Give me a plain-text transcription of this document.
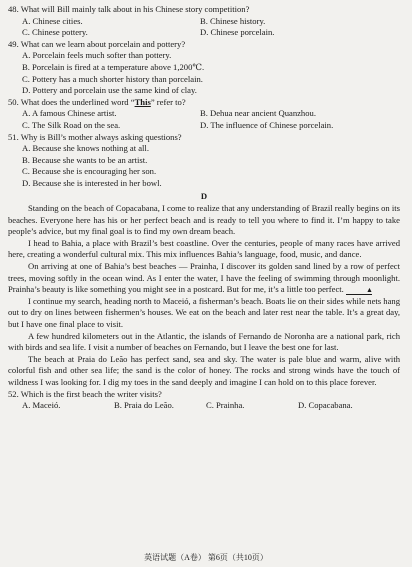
48. What will Bill mainly talk about in his Chinese story competition?
A. Chinese cities.	B. Chinese history.
C. Chinese pottery.	D. Chinese porcelain.
49. What can we learn about porcelain and pottery?
A. Porcelain feels much softer than pottery.
B. Porcelain is fired at a temperature above 1,200℃.
C. Pottery has a much shorter history than porcelain.
D. Pottery and porcelain use the same kind of clay.
50. What does the underlined word “This” refer to?
A. A famous Chinese artist.	B. Dehua near ancient Quanzhou.
C. The Silk Road on the sea.	D. The influence of Chinese porcelain.
51. Why is Bill’s mother always asking questions?
A. Because she knows nothing at all.
B. Because she wants to be an artist.
C. Because she is encouraging her son.
D. Because she is interested in her bowl.
D

Standing on the beach of Copacabana, I come to realize that any understanding of Brazil really begins on its beaches. Everyone here has his or her perfect beach and is ready to tell you where to find it. I’m happy to take people’s advice, but my final goal is to find my own dream beach.

I head to Bahia, a place with Brazil’s best coastline. Over the centuries, people of many races have arrived here, creating a wonderful cultural mix. This mix influences Bahia’s language, food, music, and dance.

On arriving at one of Bahia’s best beaches — Prainha, I discover its golden sand lined by a row of perfect trees, moving softly in the ocean wind. As I enter the water, I have the feeling of swimming through moonlight. Prainha’s beauty is like something you might see in a postcard. But for me, it’s a little too perfect.	▲

I continue my search, heading north to Maceió, a fisherman’s beach. Boats lie on their sides while nets hang out to dry on lines between fishermen’s houses. We eat on the beach and later rest near the table. It’s a great day, but I have one final place to visit.

A few hundred kilometers out in the Atlantic, the islands of Fernando de Noronha are a national park, rich with birds and sea life. I visit a number of beaches on Fernando, but I leave the best one for last.

The beach at Praia do Leão has perfect sand, sea and sky. The water is pale blue and warm, alive with colorful fish and other sea life; the sand is the color of honey. The rocks and strong winds have the touch of wildness I was looking for. I dig my toes in the sand deeply and imagine I can hold on to this place forever.

52. Which is the first beach the writer visits?
A. Maceió.	B. Praia do Leão.	C. Prainha.	D. Copacabana.
英语试题（A卷） 第6页（共10页）
